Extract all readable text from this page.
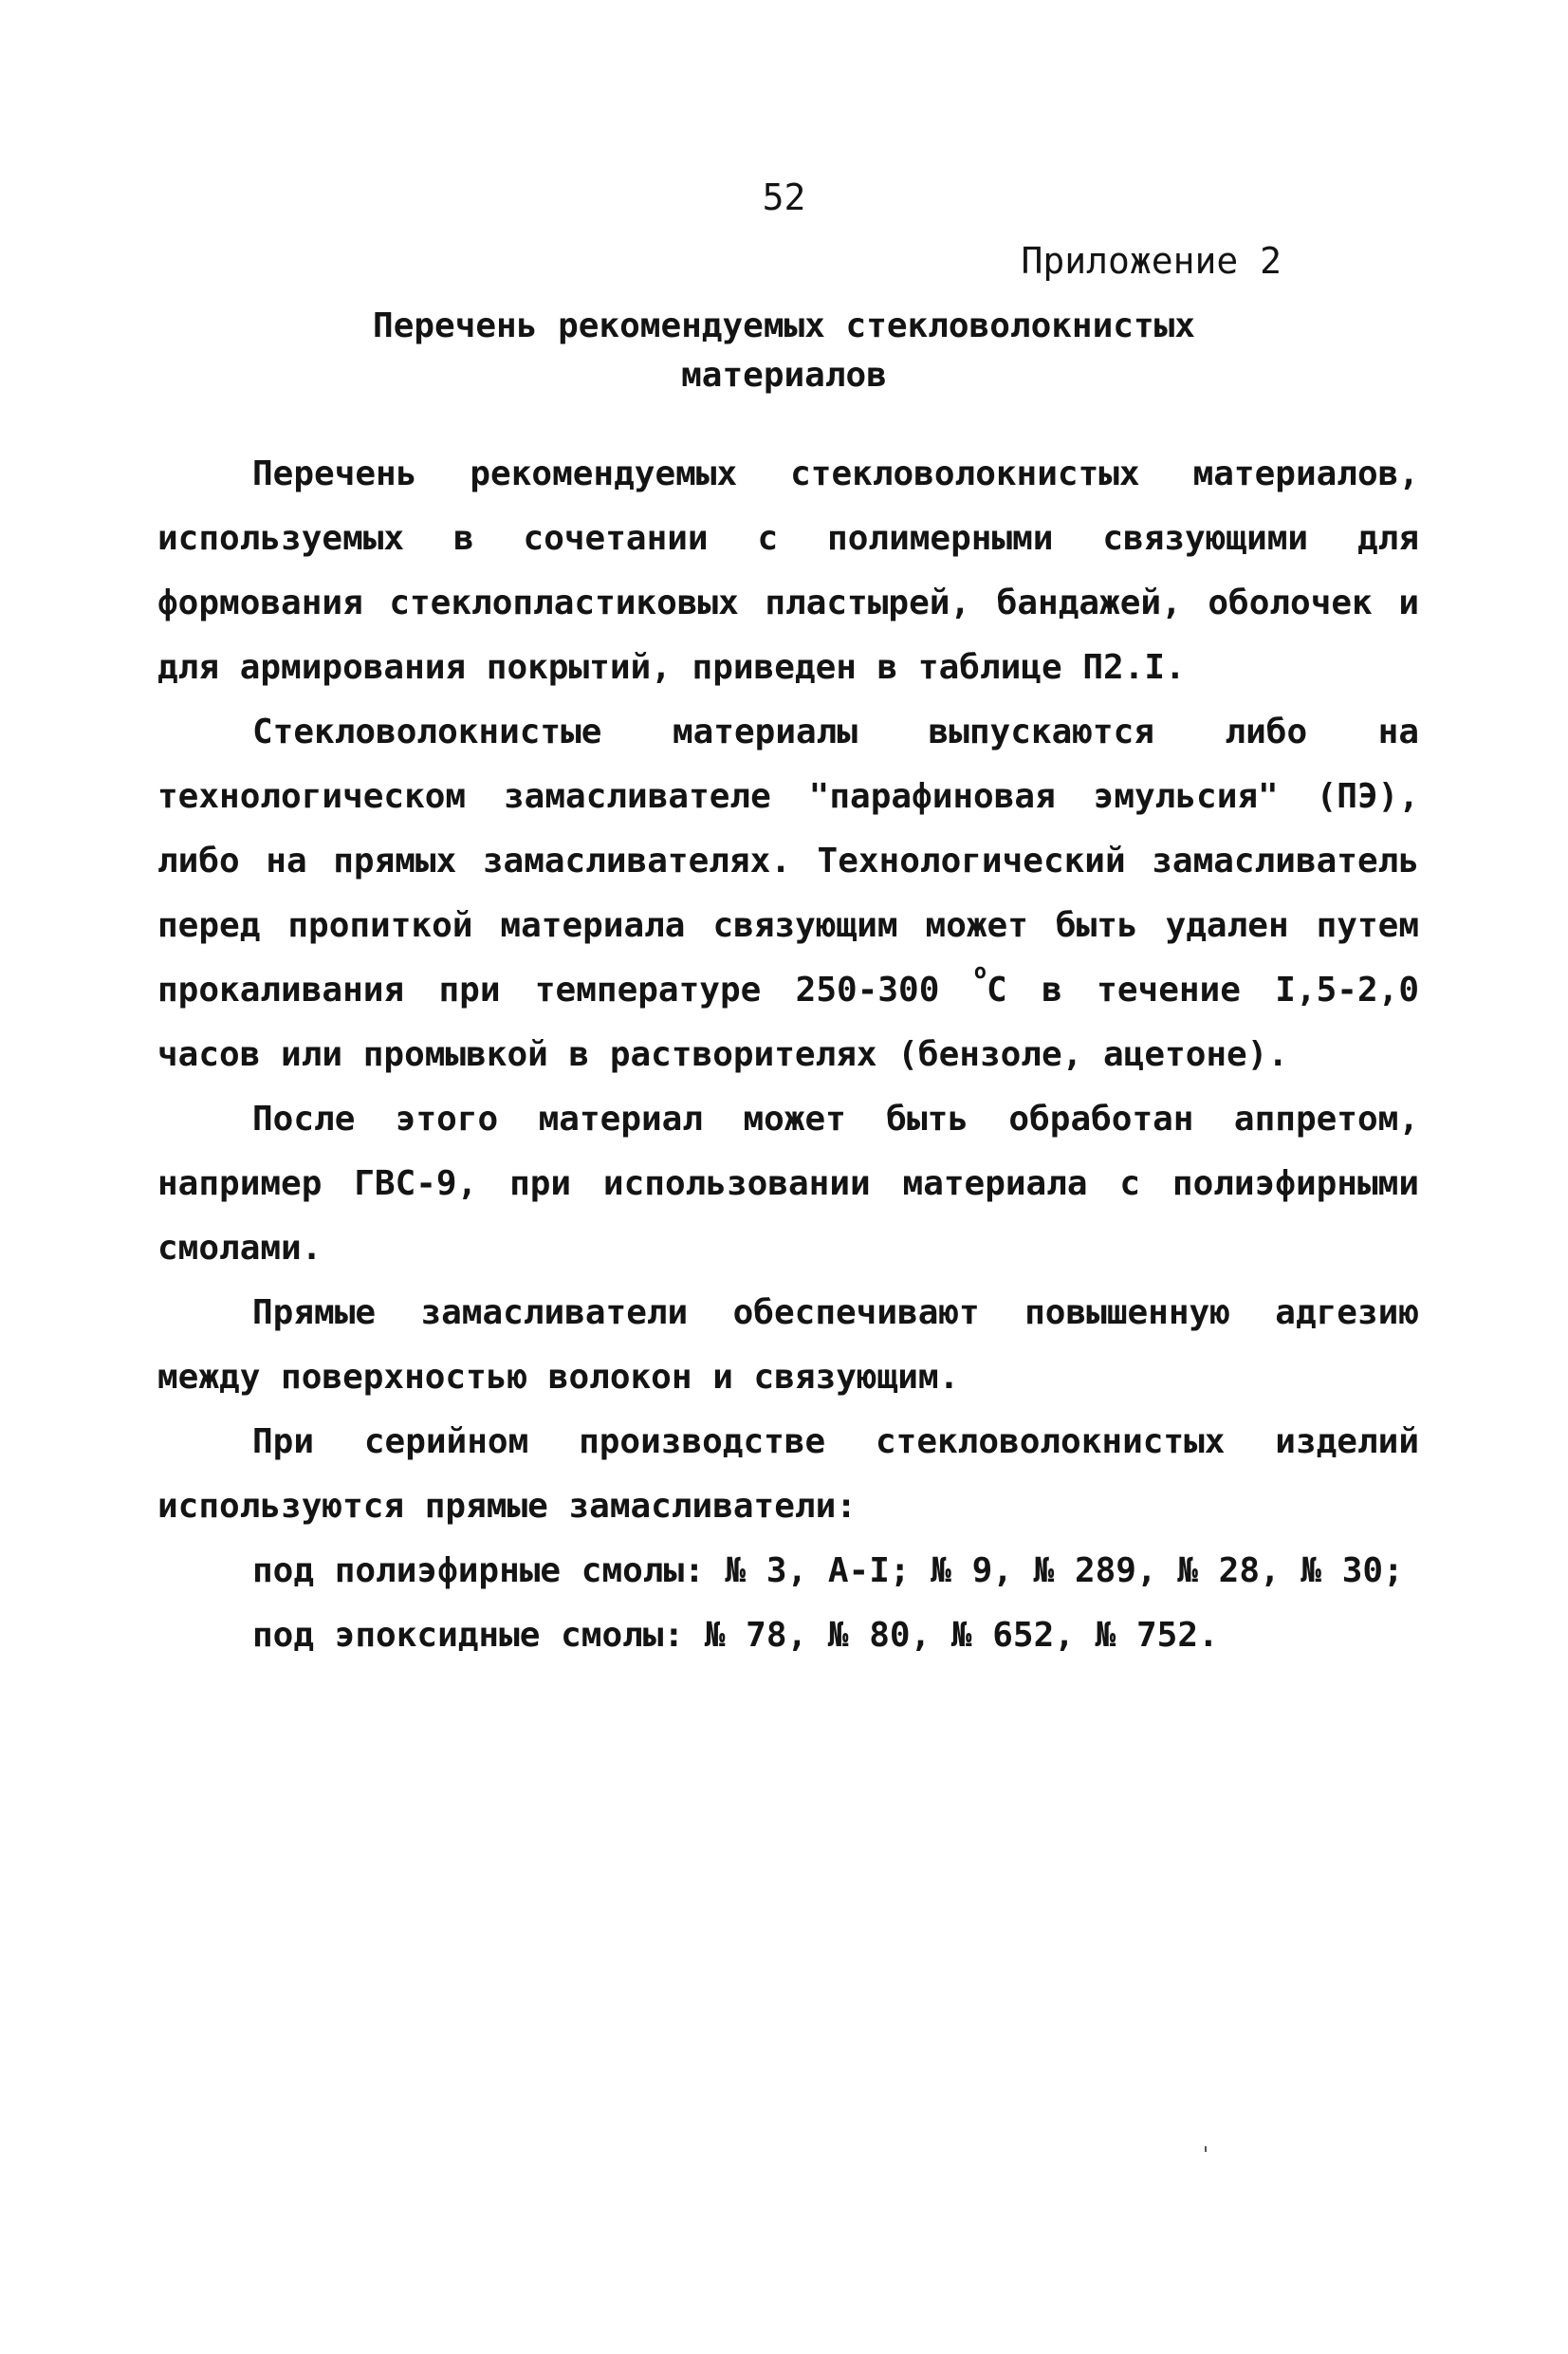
52
Приложение 2
Перечень рекомендуемых стекловолокнистых
материалов

Перечень рекомендуемых стекловолокнистых материалов, используемых в сочетании с полимерными связующими для формования стеклопластиковых пластырей, бандажей, оболочек и для армирования покрытий, приведен в таблице П2.I.

Стекловолокнистые материалы выпускаются либо на технологическом замасливателе "парафиновая эмульсия" (ПЭ), либо на прямых замасливателях. Технологический замасливатель перед пропиткой материала связующим может быть удален путем прокаливания при температуре 250-300 $^о$С в течение I,5-2,0 часов или промывкой в растворителях (бензоле, ацетоне).

После этого материал может быть обработан аппретом, например ГВС-9, при использовании материала с полиэфирными смолами.

Прямые замасливатели обеспечивают повышенную адгезию между поверхностью волокон и связующим.

При серийном производстве стекловолокнистых изделий используются прямые замасливатели:

под полиэфирные смолы: № 3, А-I; № 9, № 289, № 28, № 30;
под эпоксидные смолы: № 78, № 80, № 652, № 752.
